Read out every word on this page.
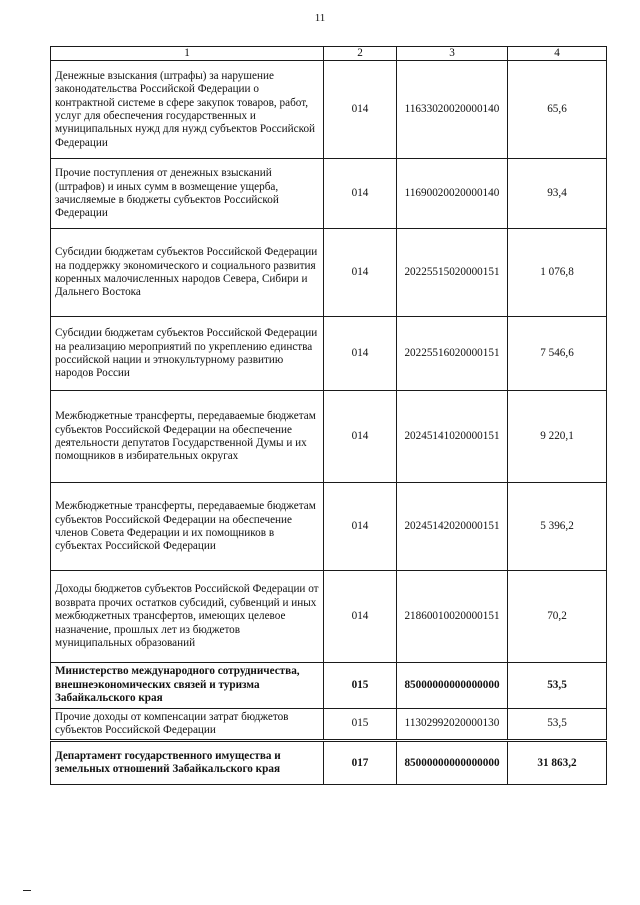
11
1	2	3	4
Денежные взыскания (штрафы) за нарушение законодательства Российской Федерации о контрактной системе в сфере закупок товаров, работ, услуг для обеспечения государственных и муниципальных нужд для нужд субъектов Российской Федерации	014	11633020020000140	65,6
Прочие поступления от денежных взысканий (штрафов) и иных сумм в возмещение ущерба, зачисляемые в бюджеты субъектов Российской Федерации	014	11690020020000140	93,4
Субсидии бюджетам субъектов Российской Федерации на поддержку экономического и социального развития коренных малочисленных народов Севера, Сибири и Дальнего Востока	014	20225515020000151	1 076,8
Субсидии бюджетам субъектов Российской Федерации на реализацию мероприятий по укреплению единства российской нации и этнокультурному развитию народов России	014	20225516020000151	7 546,6
Межбюджетные трансферты, передаваемые бюджетам субъектов Российской Федерации на обеспечение деятельности депутатов Государственной Думы и их помощников в избирательных округах	014	20245141020000151	9 220,1
Межбюджетные трансферты, передаваемые бюджетам субъектов Российской Федерации на обеспечение членов Совета Федерации и их помощников в субъектах Российской Федерации	014	20245142020000151	5 396,2
Доходы бюджетов субъектов Российской Федерации от возврата прочих остатков субсидий, субвенций и иных межбюджетных трансфертов, имеющих целевое назначение, прошлых лет из бюджетов муниципальных образований	014	21860010020000151	70,2
Министерство международного сотрудничества, внешнеэкономических связей и туризма Забайкальского края	015	85000000000000000	53,5
Прочие доходы от компенсации затрат бюджетов субъектов Российской Федерации	015	11302992020000130	53,5
Департамент государственного имущества и земельных отношений Забайкальского края	017	85000000000000000	31 863,2
